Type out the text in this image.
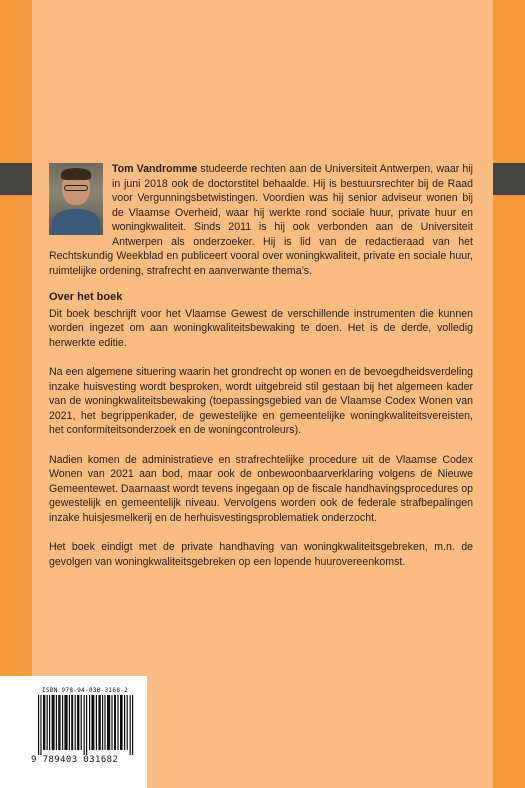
Tom Vandromme studeerde rechten aan de Universiteit Antwerpen, waar hij in juni 2018 ook de doctorstitel behaalde. Hij is bestuursrechter bij de Raad voor Vergunningsbetwistingen. Voordien was hij senior adviseur wonen bij de Vlaamse Overheid, waar hij werkte rond sociale huur, private huur en woningkwaliteit. Sinds 2011 is hij ook verbonden aan de Universiteit Antwerpen als onderzoeker. Hij is lid van de redactieraad van het Rechtskundig Weekblad en publiceert vooral over woningkwaliteit, private en sociale huur, ruimtelijke ordening, strafrecht en aanverwante thema’s.
Over het boek

Dit boek beschrijft voor het Vlaamse Gewest de verschillende instrumenten die kunnen worden ingezet om aan woningkwaliteitsbewaking te doen. Het is de derde, volledig herwerkte editie.

Na een algemene situering waarin het grondrecht op wonen en de bevoegdheidsverdeling inzake huisvesting wordt besproken, wordt uitgebreid stil gestaan bij het algemeen kader van de woningkwaliteitsbewaking (toepassingsgebied van de Vlaamse Codex Wonen van 2021, het begrippenkader, de gewestelijke en gemeentelijke woningkwaliteitsvereisten, het conformiteitsonderzoek en de woningcontroleurs).

Nadien komen de administratieve en strafrechtelijke procedure uit de Vlaamse Codex Wonen van 2021 aan bod, maar ook de onbewoonbaarverklaring volgens de Nieuwe Gemeentewet. Daarnaast wordt tevens ingegaan op de fiscale handhavingsprocedures op gewestelijk en gemeentelijk niveau. Vervolgens worden ook de federale strafbepalingen inzake huisjesmelkerij en de herhuisvestingsproblematiek onderzocht.

Het boek eindigt met de private handhaving van woningkwaliteitsgebreken, m.n. de gevolgen van woningkwaliteitsgebreken op een lopende huurovereenkomst.

ISBN 978-94-030-3168-2
9 789403 031682
